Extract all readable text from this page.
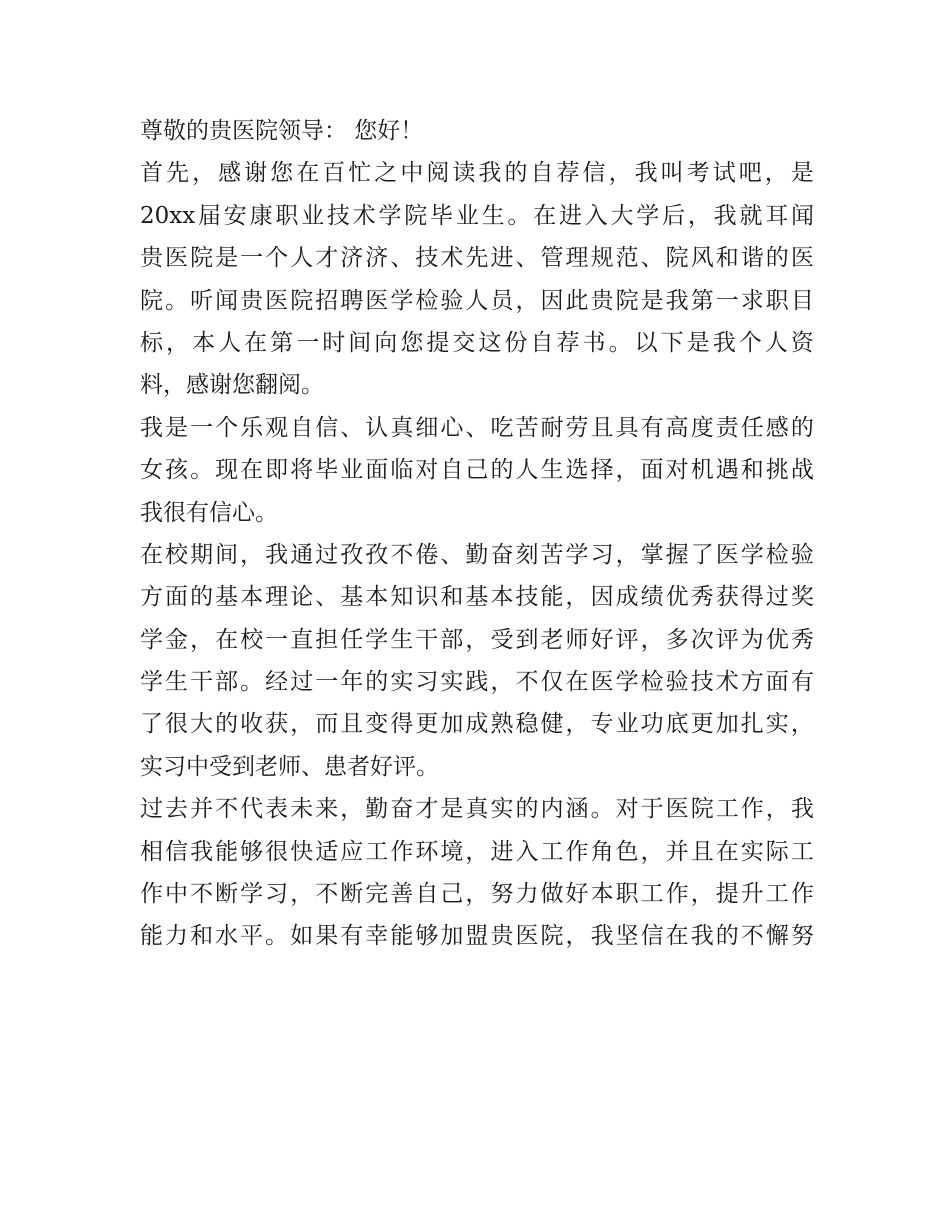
尊敬的贵医院领导： 您好！
首 先 ， 感 谢 您 在 百 忙 之 中 阅 读 我 的 自 荐 信 ， 我 叫 考 试 吧 ， 是
20xx 届 安 康 职 业 技 术 学 院 毕 业 生 。 在 进 入 大 学 后 ， 我 就 耳 闻
贵 医 院 是 一 个 人 才 济 济 、 技 术 先 进 、 管 理 规 范 、 院 风 和 谐 的 医
院 。 听 闻 贵 医 院 招 聘 医 学 检 验 人 员 ， 因 此 贵 院 是 我 第 一 求 职 目
标 ， 本 人 在 第 一 时 间 向 您 提 交 这 份 自 荐 书 。 以 下 是 我 个 人 资
料，感谢您翻阅。
我 是 一 个 乐 观 自 信 、 认 真 细 心 、 吃 苦 耐 劳 且 具 有 高 度 责 任 感 的
女 孩 。 现 在 即 将 毕 业 面 临 对 自 己 的 人 生 选 择 ， 面 对 机 遇 和 挑 战
我很有信心。
在 校 期 间 ， 我 通 过 孜 孜 不 倦 、 勤 奋 刻 苦 学 习 ， 掌 握 了 医 学 检 验
方 面 的 基 本 理 论 、 基 本 知 识 和 基 本 技 能 ， 因 成 绩 优 秀 获 得 过 奖
学 金 ， 在 校 一 直 担 任 学 生 干 部 ， 受 到 老 师 好 评 ， 多 次 评 为 优 秀
学 生 干 部 。 经 过 一 年 的 实 习 实 践 ， 不 仅 在 医 学 检 验 技 术 方 面 有
了 很 大 的 收 获 ， 而 且 变 得 更 加 成 熟 稳 健 ， 专 业 功 底 更 加 扎 实 ，
实习中受到老师、患者好评。
过 去 并 不 代 表 未 来 ， 勤 奋 才 是 真 实 的 内 涵 。 对 于 医 院 工 作 ， 我
相 信 我 能 够 很 快 适 应 工 作 环 境 ， 进 入 工 作 角 色 ， 并 且 在 实 际 工
作 中 不 断 学 习 ， 不 断 完 善 自 己 ， 努 力 做 好 本 职 工 作 ， 提 升 工 作
能 力 和 水 平 。 如 果 有 幸 能 够 加 盟 贵 医 院 ， 我 坚 信 在 我 的 不 懈 努
